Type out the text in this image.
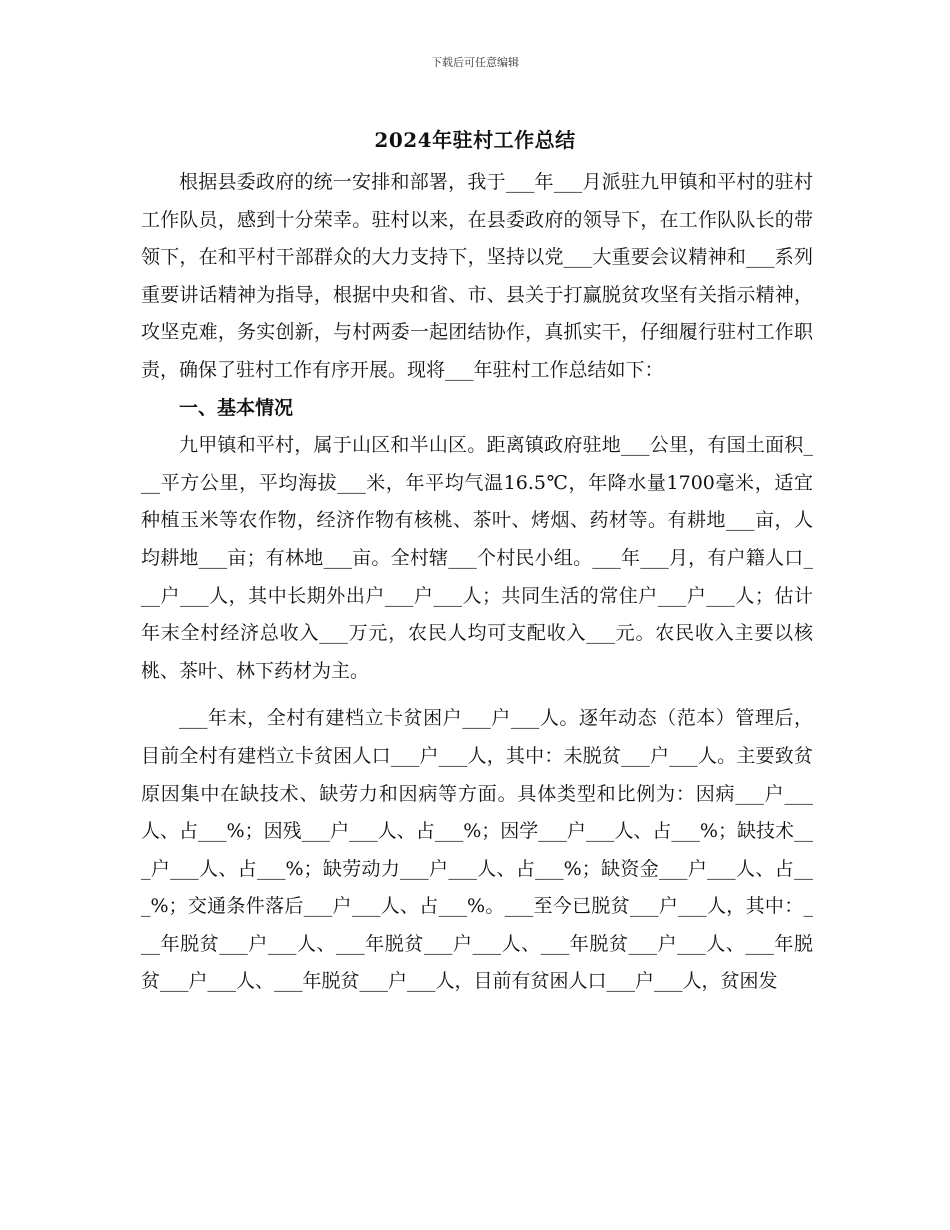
下载后可任意编辑
2024年驻村工作总结

根据县委政府的统一安排和部署，我于___年___月派驻九甲镇和平村的驻村工作队员，感到十分荣幸。驻村以来，在县委政府的领导下，在工作队队长的带领下，在和平村干部群众的大力支持下，坚持以党___大重要会议精神和___系列重要讲话精神为指导，根据中央和省、市、县关于打赢脱贫攻坚有关指示精神，攻坚克难，务实创新，与村两委一起团结协作，真抓实干，仔细履行驻村工作职责，确保了驻村工作有序开展。现将___年驻村工作总结如下：

一、基本情况

九甲镇和平村，属于山区和半山区。距离镇政府驻地___公里，有国土面积___平方公里，平均海拔___米，年平均气温16.5℃，年降水量1700毫米，适宜种植玉米等农作物，经济作物有核桃、茶叶、烤烟、药材等。有耕地___亩，人均耕地___亩；有林地___亩。全村辖___个村民小组。___年___月，有户籍人口___户___人，其中长期外出户___户___人；共同生活的常住户___户___人；估计年末全村经济总收入___万元，农民人均可支配收入___元。农民收入主要以核桃、茶叶、林下药材为主。

___年末，全村有建档立卡贫困户___户___人。逐年动态（范本）管理后，目前全村有建档立卡贫困人口___户___人，其中：未脱贫___户___人。主要致贫原因集中在缺技术、缺劳力和因病等方面。具体类型和比例为：因病___户___人、占___%；因残___户___人、占___%；因学___户___人、占___%；缺技术___户___人、占___%；缺劳动力___户___人、占___%；缺资金___户___人、占___%；交通条件落后___户___人、占___%。___至今已脱贫___户___人，其中：___年脱贫___户___人、___年脱贫___户___人、___年脱贫___户___人、___年脱贫___户___人、___年脱贫___户___人，目前有贫困人口___户___人，贫困发
